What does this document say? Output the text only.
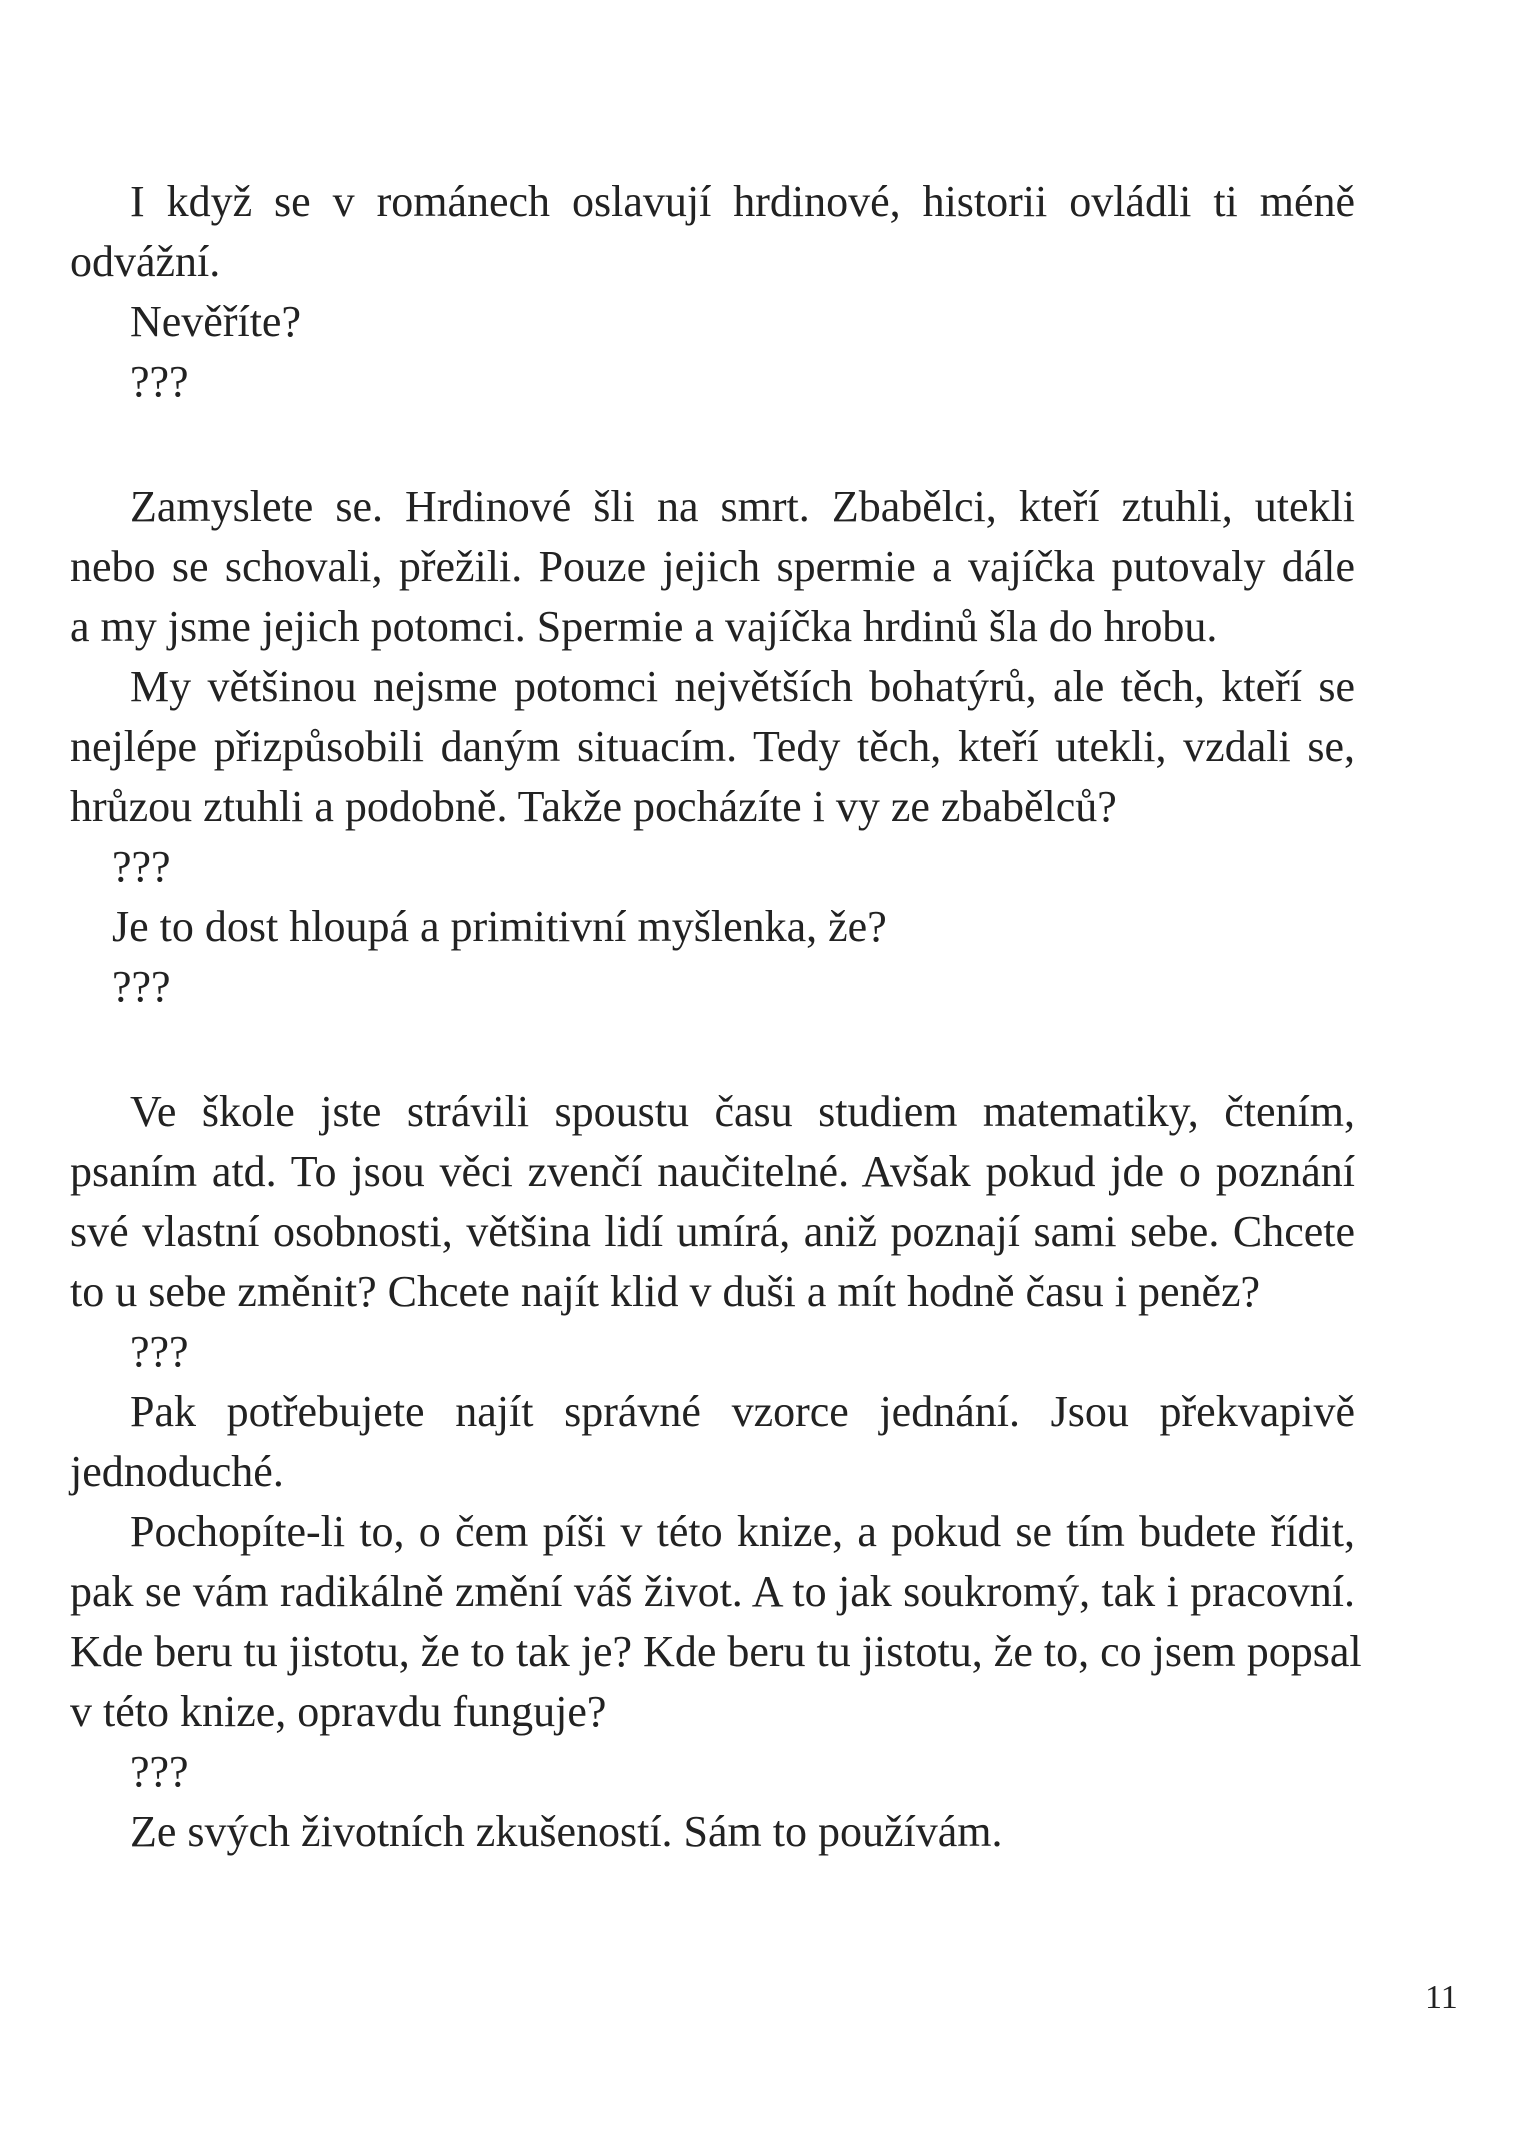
I když se v románech oslavují hrdinové, historii ovládli ti méně
odvážní.
Nevěříte?
???
Zamyslete se. Hrdinové šli na smrt. Zbabělci, kteří ztuhli, utekli
nebo se schovali, přežili. Pouze jejich spermie a vajíčka putovaly dále
a my jsme jejich potomci. Spermie a vajíčka hrdinů šla do hrobu.
My většinou nejsme potomci největších bohatýrů, ale těch, kteří se
nejlépe přizpůsobili daným situacím. Tedy těch, kteří utekli, vzdali se,
hrůzou ztuhli a podobně. Takže pocházíte i vy ze zbabělců?
???
Je to dost hloupá a primitivní myšlenka, že?
???
Ve škole jste strávili spoustu času studiem matematiky, čtením,
psaním atd. To jsou věci zvenčí naučitelné. Avšak pokud jde o poznání
své vlastní osobnosti, většina lidí umírá, aniž poznají sami sebe. Chcete
to u sebe změnit? Chcete najít klid v duši a mít hodně času i peněz?
???
Pak potřebujete najít správné vzorce jednání. Jsou překvapivě
jednoduché.
Pochopíte-li to, o čem píši v této knize, a pokud se tím budete řídit,
pak se vám radikálně změní váš život. A to jak soukromý, tak i pracovní.
Kde beru tu jistotu, že to tak je? Kde beru tu jistotu, že to, co jsem popsal
v této knize, opravdu funguje?
???
Ze svých životních zkušeností. Sám to používám.
11
